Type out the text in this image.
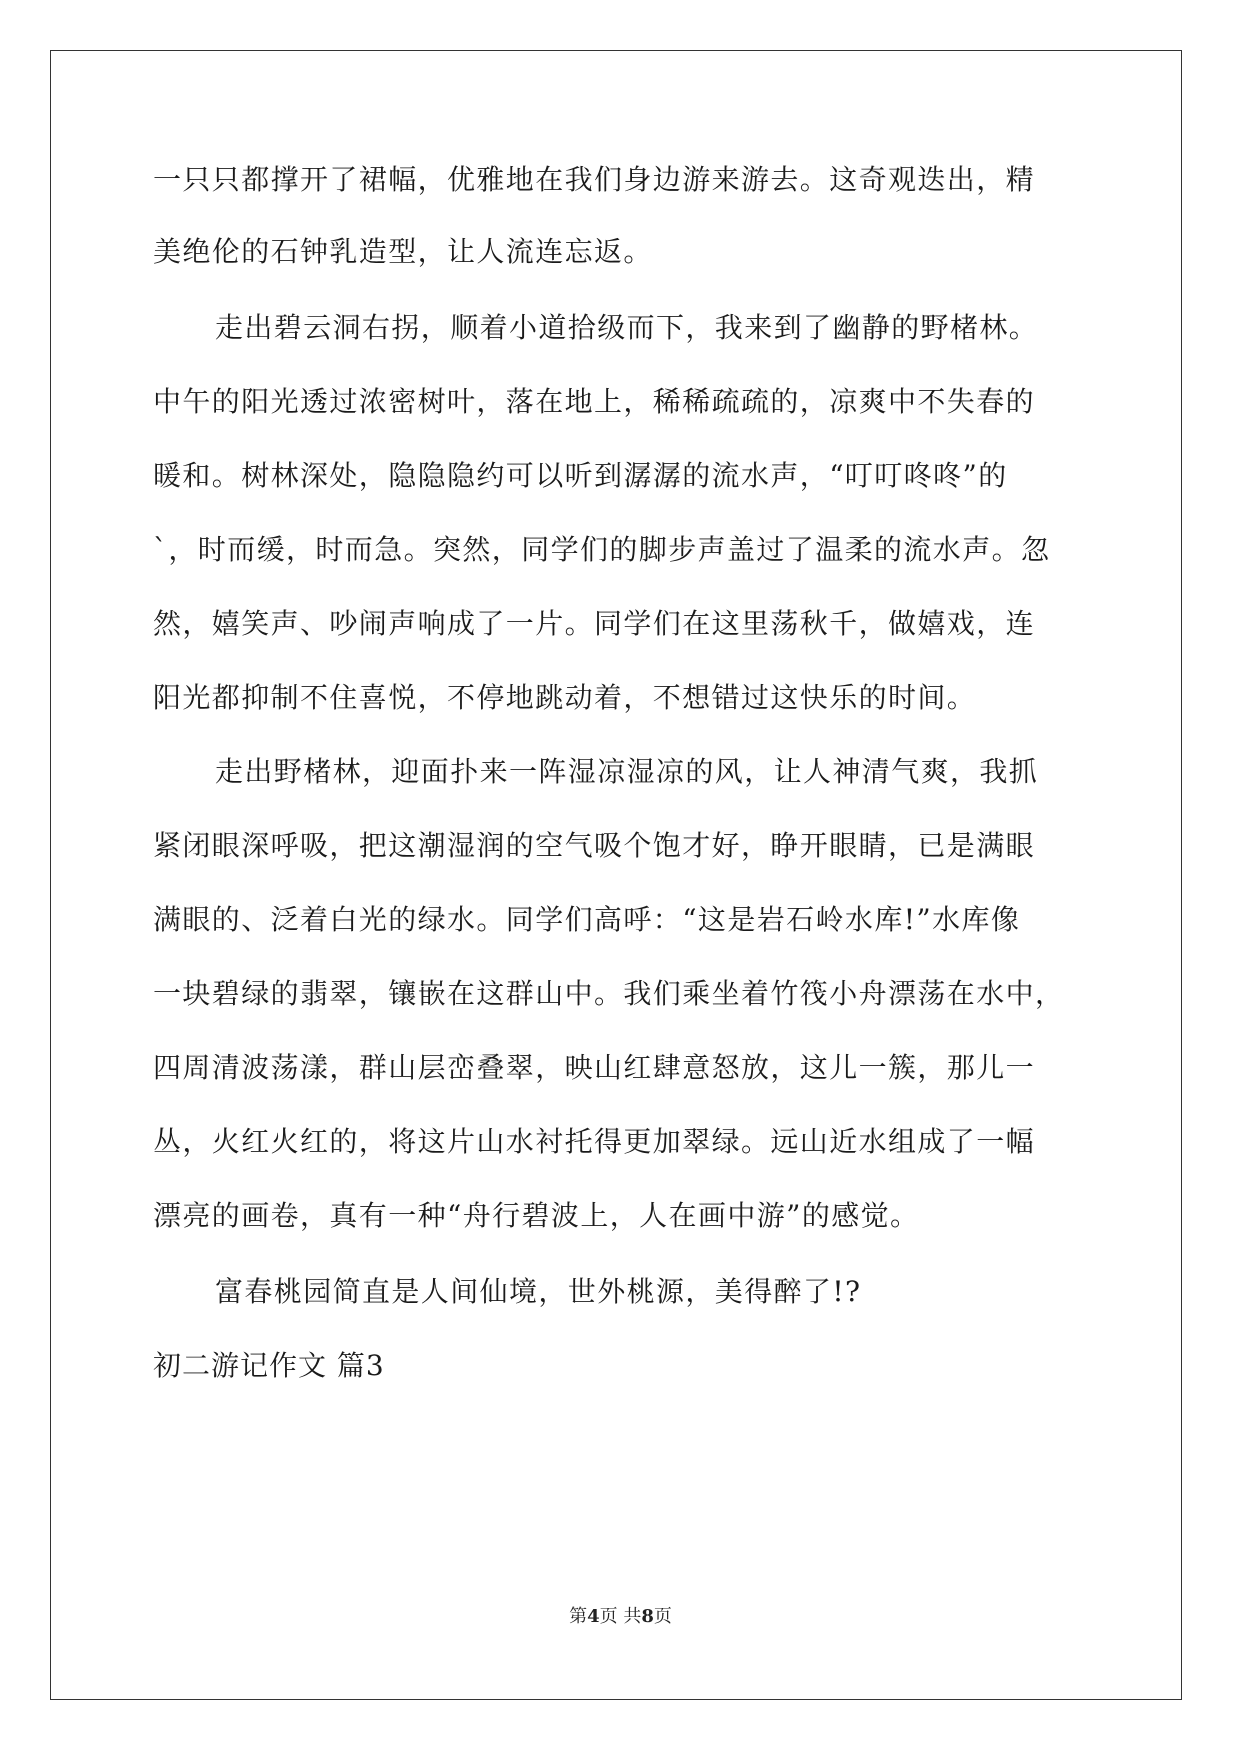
一只只都撑开了裙幅，优雅地在我们身边游来游去。这奇观迭出，精
美绝伦的石钟乳造型，让人流连忘返。
走出碧云洞右拐，顺着小道拾级而下，我来到了幽静的野楮林。
中午的阳光透过浓密树叶，落在地上，稀稀疏疏的，凉爽中不失春的
暖和。树林深处，隐隐隐约可以听到潺潺的流水声，“叮叮咚咚”的
`，时而缓，时而急。突然，同学们的脚步声盖过了温柔的流水声。忽
然，嬉笑声、吵闹声响成了一片。同学们在这里荡秋千，做嬉戏，连
阳光都抑制不住喜悦，不停地跳动着，不想错过这快乐的时间。
走出野楮林，迎面扑来一阵湿凉湿凉的风，让人神清气爽，我抓
紧闭眼深呼吸，把这潮湿润的空气吸个饱才好，睁开眼睛，已是满眼
满眼的、泛着白光的绿水。同学们高呼：“这是岩石岭水库!”水库像
一块碧绿的翡翠，镶嵌在这群山中。我们乘坐着竹筏小舟漂荡在水中，
四周清波荡漾，群山层峦叠翠，映山红肆意怒放，这儿一簇，那儿一
丛，火红火红的，将这片山水衬托得更加翠绿。远山近水组成了一幅
漂亮的画卷，真有一种“舟行碧波上，人在画中游”的感觉。
富春桃园简直是人间仙境，世外桃源，美得醉了!?
初二游记作文 篇3
第4页 共8页
